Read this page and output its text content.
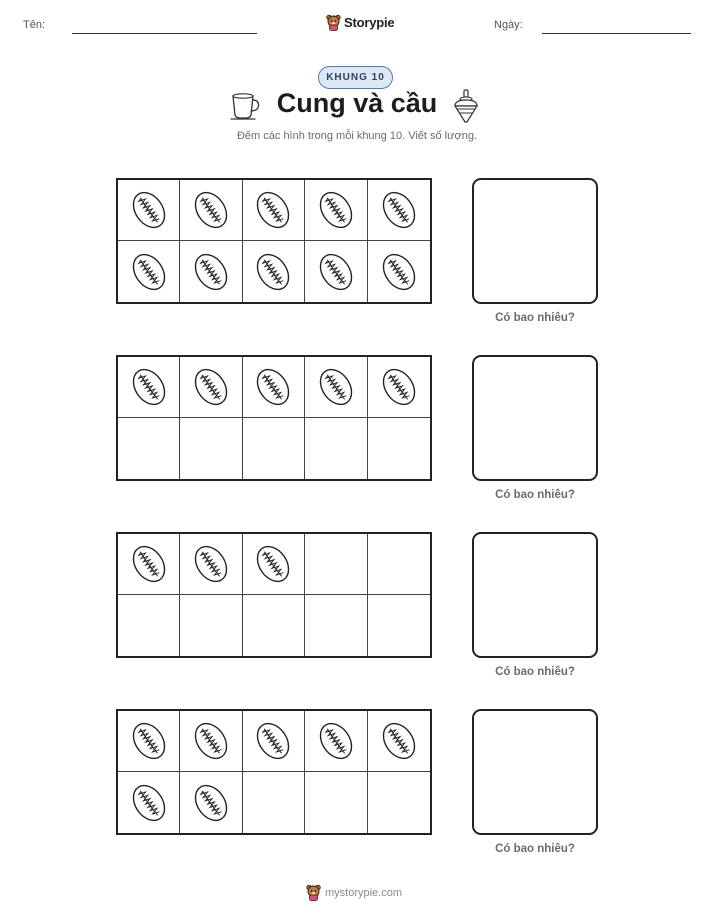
Tên:	Storypie	Ngày:
KHUNG 10
Cung và cầu
Đếm các hình trong mỗi khung 10. Viết số lượng.
Có bao nhiêu?
Có bao nhiêu?
Có bao nhiêu?
Có bao nhiêu?
mystorypie.com
